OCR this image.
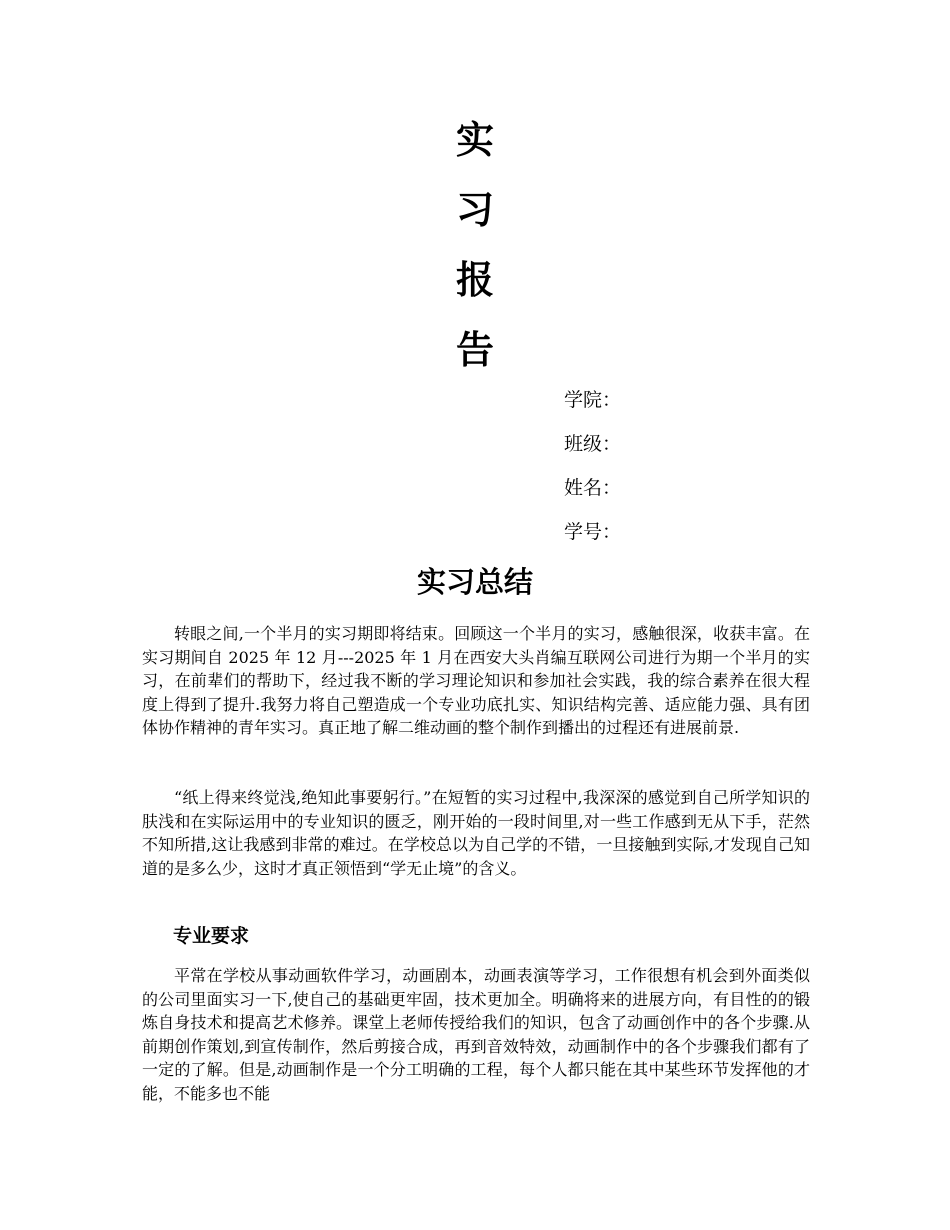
实
习
报
告
学院：
班级：
姓名：
学号：
实习总结

转眼之间,一个半月的实习期即将结束。回顾这一个半月的实习，感触很深，收获丰富。在实习期间自 2025 年 12 月---2025 年 1 月在西安大头肖编互联网公司进行为期一个半月的实习，在前辈们的帮助下，经过我不断的学习理论知识和参加社会实践，我的综合素养在很大程度上得到了提升.我努力将自己塑造成一个专业功底扎实、知识结构完善、适应能力强、具有团体协作精神的青年实习。真正地了解二维动画的整个制作到播出的过程还有进展前景.

“纸上得来终觉浅,绝知此事要躬行。”在短暂的实习过程中,我深深的感觉到自己所学知识的肤浅和在实际运用中的专业知识的匮乏，刚开始的一段时间里,对一些工作感到无从下手，茫然不知所措,这让我感到非常的难过。在学校总以为自己学的不错，一旦接触到实际,才发现自己知道的是多么少，这时才真正领悟到“学无止境”的含义。

专业要求

平常在学校从事动画软件学习，动画剧本，动画表演等学习，工作很想有机会到外面类似的公司里面实习一下,使自己的基础更牢固，技术更加全。明确将来的进展方向，有目性的的锻炼自身技术和提高艺术修养。课堂上老师传授给我们的知识，包含了动画创作中的各个步骤.从前期创作策划,到宣传制作，然后剪接合成，再到音效特效，动画制作中的各个步骤我们都有了一定的了解。但是,动画制作是一个分工明确的工程，每个人都只能在其中某些环节发挥他的才能，不能多也不能
